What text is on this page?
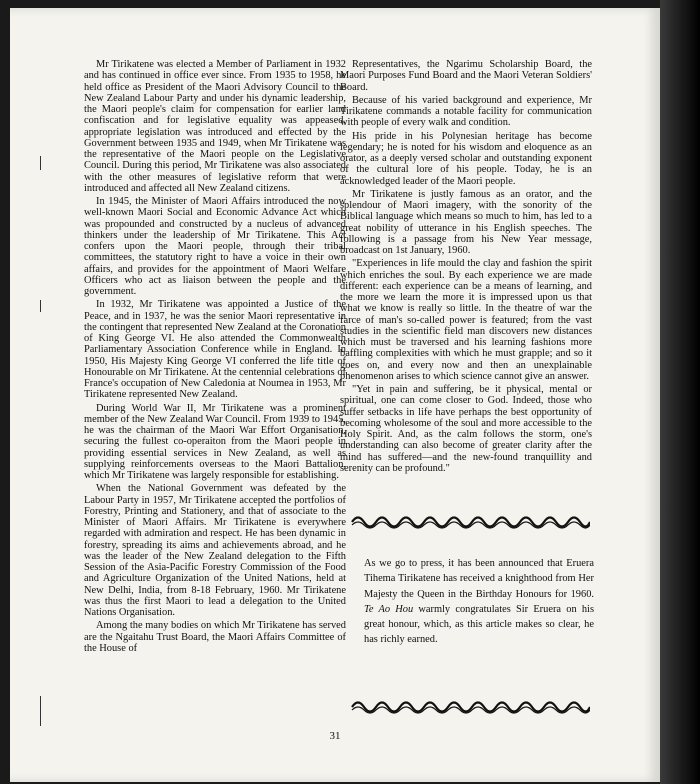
Mr Tirikatene was elected a Member of Parliament in 1932 and has continued in office ever since. From 1935 to 1958, he held office as President of the Maori Advisory Council to the New Zealand Labour Party and under his dynamic leadership, the Maori people's claim for compensation for earlier land confiscation and for legislative equality was appeased, appropriate legislation was introduced and effected by the Government between 1935 and 1949, when Mr Tirikatene was the representative of the Maori people on the Legislative Council. During this period, Mr Tirikatene was also associated with the other measures of legislative reform that were introduced and affected all New Zealand citizens.

In 1945, the Minister of Maori Affairs introduced the now well-known Maori Social and Economic Advance Act which was propounded and constructed by a nucleus of advanced thinkers under the leadership of Mr Tirikatene. This Act confers upon the Maori people, through their tribal committees, the statutory right to have a voice in their own affairs, and provides for the appointment of Maori Welfare Officers who act as liaison between the people and the government.

In 1932, Mr Tirikatene was appointed a Justice of the Peace, and in 1937, he was the senior Maori representative in the contingent that represented New Zealand at the Coronation of King George VI. He also attended the Commonwealth Parliamentary Association Conference while in England. In 1950, His Majesty King George VI conferred the life title of Honourable on Mr Tirikatene. At the centennial celebrations of France's occupation of New Caledonia at Noumea in 1953, Mr Tirikatene represented New Zealand.

During World War II, Mr Tirikatene was a prominent member of the New Zealand War Council. From 1939 to 1945, he was the chairman of the Maori War Effort Organisation, securing the fullest co-operaiton from the Maori people in providing essential services in New Zealand, as well as supplying reinforcements overseas to the Maori Battalion, which Mr Tirikatene was largely responsible for establishing.

When the National Government was defeated by the Labour Party in 1957, Mr Tirikatene accepted the portfolios of Forestry, Printing and Stationery, and that of associate to the Minister of Maori Affairs. Mr Tirikatene is everywhere regarded with admiration and respect. He has been dynamic in forestry, spreading its aims and achievements abroad, and he was the leader of the New Zealand delegation to the Fifth Session of the Asia-Pacific Forestry Commission of the Food and Agriculture Organization of the United Nations, held at New Delhi, India, from 8-18 February, 1960. Mr Tirikatene was thus the first Maori to lead a delegation to the United Nations Organisation.

Among the many bodies on which Mr Tirikatene has served are the Ngaitahu Trust Board, the Maori Affairs Committee of the House of

Representatives, the Ngarimu Scholarship Board, the Maori Purposes Fund Board and the Maori Veteran Soldiers' Board.

Because of his varied background and experience, Mr Tirikatene commands a notable facility for communication with people of every walk and condition.

His pride in his Polynesian heritage has become legendary; he is noted for his wisdom and eloquence as an orator, as a deeply versed scholar and outstanding exponent of the cultural lore of his people. Today, he is an acknowledged leader of the Maori people.

Mr Tirikatene is justly famous as an orator, and the splendour of Maori imagery, with the sonority of the Biblical language which means so much to him, has led to a great nobility of utterance in his English speeches. The following is a passage from his New Year message, broadcast on 1st January, 1960.

"Experiences in life mould the clay and fashion the spirit which enriches the soul. By each experience we are made different: each experience can be a means of learning, and the more we learn the more it is impressed upon us that what we know is really so little. In the theatre of war the farce of man's so-called power is featured; from the vast studies in the scientific field man discovers new distances which must be traversed and his learning fashions more baffling complexities with which he must grapple; and so it goes on, and every now and then an unexplainable phenomenon arises to which science cannot give an answer.

"Yet in pain and suffering, be it physical, mental or spiritual, one can come closer to God. Indeed, those who suffer setbacks in life have perhaps the best opportunity of becoming wholesome of the soul and more accessible to the Holy Spirit. And, as the calm follows the storm, one's understanding can also become of greater clarity after the mind has suffered—and the new-found tranquillity and serenity can be profound."

As we go to press, it has been announced that Eruera Tihema Tirikatene has received a knighthood from Her Majesty the Queen in the Birthday Honours for 1960. Te Ao Hou warmly congratulates Sir Eruera on his great honour, which, as this article makes so clear, he has richly earned.

31
